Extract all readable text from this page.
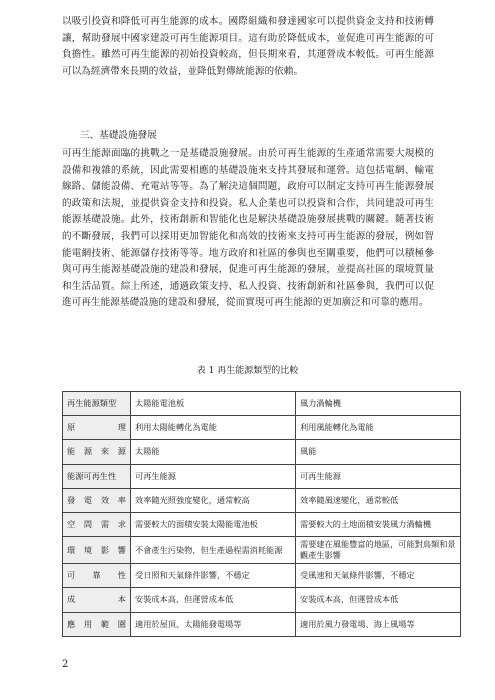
以吸引投資和降低可再生能源的成本。國際組織和發達國家可以提供資金支持和技術轉讓，幫助發展中國家建設可再生能源項目。這有助於降低成本，並促進可再生能源的可負擔性。雖然可再生能源的初始投資較高，但長期來看，其運營成本較低。可再生能源可以為經濟帶來長期的效益，並降低對傳統能源的依賴。

三、基礎設施發展

可再生能源面臨的挑戰之一是基礎設施發展。由於可再生能源的生產通常需要大規模的設備和複雜的系統，因此需要相應的基礎設施來支持其發展和運營。這包括電網、輸電線路、儲能設備、充電站等等。為了解決這個問題，政府可以制定支持可再生能源發展的政策和法規，並提供資金支持和投資。私人企業也可以投資和合作，共同建設可再生能源基礎設施。此外，技術創新和智能化也是解決基礎設施發展挑戰的關鍵。隨著技術的不斷發展，我們可以採用更加智能化和高效的技術來支持可再生能源的發展，例如智能電網技術、能源儲存技術等等。地方政府和社區的參與也至關重要，他們可以積極參與可再生能源基礎設施的建設和發展，促進可再生能源的發展，並提高社區的環境質量和生活品質。綜上所述，通過政策支持、私人投資、技術創新和社區參與，我們可以促進可再生能源基礎設施的建設和發展，從而實現可再生能源的更加廣泛和可靠的應用。

表 1 再生能源類型的比較

再生能源類型	太陽能電池板	風力渦輪機
原　理	利用太陽能轉化為電能	利用風能轉化為電能
能源來源	太陽能	風能
能源可再生性	可再生能源	可再生能源
發電效率	效率隨光照強度變化，通常較高	效率隨風速變化，通常較低
空間需求	需要較大的面積安裝太陽能電池板	需要較大的土地面積安裝風力渦輪機
環境影響	不會產生污染物，但生產過程需消耗能源	需要建在風能豐富的地區，可能對鳥類和景觀產生影響
可靠性	受日照和天氣條件影響，不穩定	受風速和天氣條件影響，不穩定
成　本	安裝成本高，但運營成本低	安裝成本高，但運營成本低
應用範圍	適用於屋頂、太陽能發電場等	適用於風力發電場、海上風場等

2
